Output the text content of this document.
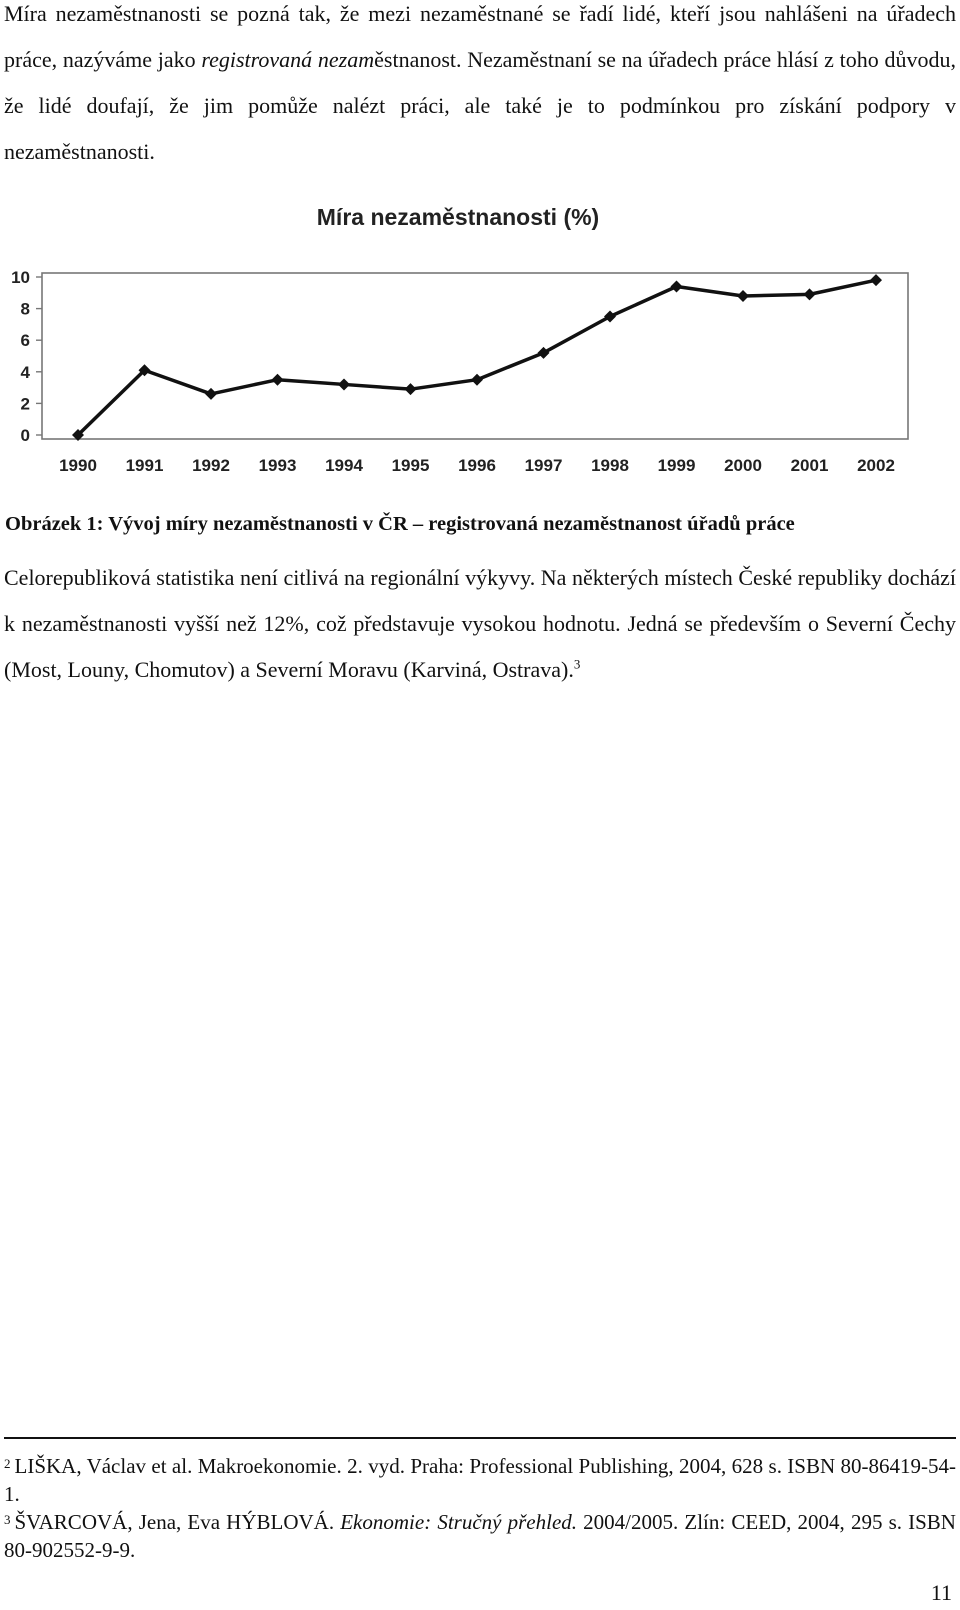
Míra nezaměstnanosti se pozná tak, že mezi nezaměstnané se řadí lidé, kteří jsou nahlášeni na úřadech práce, nazýváme jako registrovaná nezaměstnanost. Nezaměstnaní se na úřadech práce hlásí z toho důvodu, že lidé doufají, že jim pomůže nalézt práci, ale také je to podmínkou pro získání podpory v nezaměstnanosti.
Míra nezaměstnanosti (%)
0
2
4
6
8
10
1990 1991 1992 1993 1994 1995 1996 1997 1998 1999 2000 2001 2002
Obrázek 1: Vývoj míry nezaměstnanosti v ČR – registrovaná nezaměstnanost úřadů práce
Celorepubliková statistika není citlivá na regionální výkyvy. Na některých místech České republiky dochází k nezaměstnanosti vyšší než 12%, což představuje vysokou hodnotu. Jedná se především o Severní Čechy (Most, Louny, Chomutov) a Severní Moravu (Karviná, Ostrava).$^3$
$^2$ LIŠKA, Václav et al. Makroekonomie. 2. vyd. Praha: Professional Publishing, 2004, 628 s. ISBN 80-86419-54-1.
$^3$ ŠVARCOVÁ, Jena, Eva HÝBLOVÁ. Ekonomie: Stručný přehled. 2004/2005. Zlín: CEED, 2004, 295 s. ISBN 80-902552-9-9.
11
